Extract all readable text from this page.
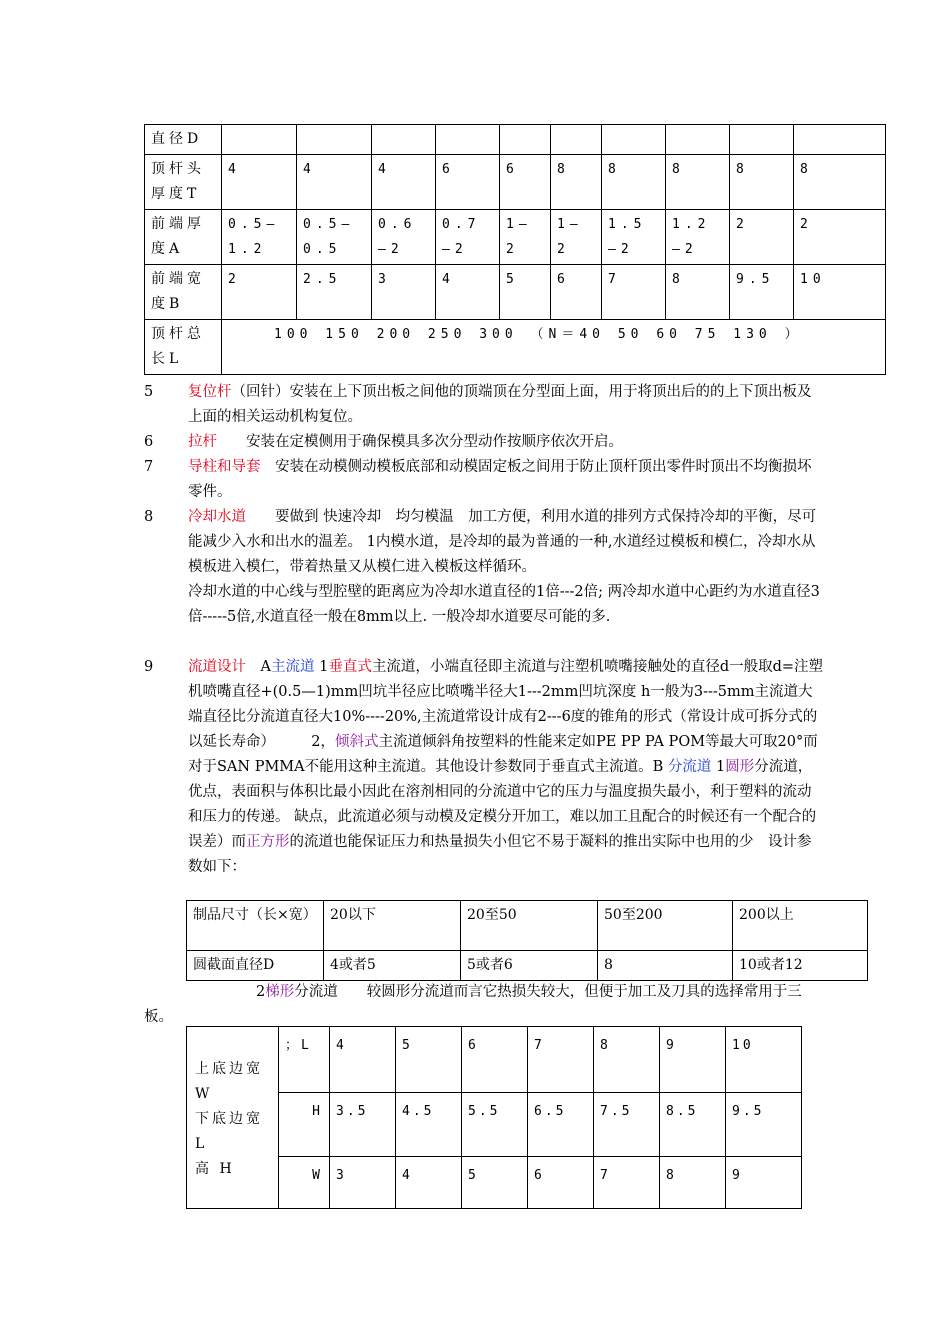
直径D										
顶杆头厚度T	4	4	4	6	6	8	8	8	8	8
前端厚度A	0.5—1.2	0.5—0.5	0.6—2	0.7—2	1—2	1—2	1.5—2	1.2—2	2	2
前端宽度B	2	2.5	3	4	5	6	7	8	9.5	10
顶杆总长L	100 150 200 250 300 （N＝40 50 60 75 130 ）									
5 复位杆（回针）安装在上下顶出板之间他的顶端顶在分型面上面，用于将顶出后的的上下顶出板及上面的相关运动机构复位。
6 拉杆　　安装在定模侧用于确保模具多次分型动作按顺序依次开启。
7 导柱和导套　安装在动模侧动模板底部和动模固定板之间用于防止顶杆顶出零件时顶出不均衡损坏零件。
8 冷却水道　　要做到 快速冷却　均匀模温　加工方便，利用水道的排列方式保持冷却的平衡，尽可能减少入水和出水的温差。 1内模水道，是冷却的最为普通的一种,水道经过模板和模仁，冷却水从模板进入模仁，带着热量又从模仁进入模板这样循环。
冷却水道的中心线与型腔壁的距离应为冷却水道直径的1倍---2倍; 两冷却水道中心距约为水道直径3倍-----5倍,水道直径一般在8mm以上. 一般冷却水道要尽可能的多.
9 流道设计　A主流道 1垂直式主流道，小端直径即主流道与注塑机喷嘴接触处的直径d一般取d=注塑机喷嘴直径+(0.5—1)mm凹坑半径应比喷嘴半径大1---2mm凹坑深度 h一般为3---5mm主流道大端直径比分流道直径大10%----20%,主流道常设计成有2---6度的锥角的形式（常设计成可拆分式的以延长寿命）　　　2，倾斜式主流道倾斜角按塑料的性能来定如PE PP PA POM等最大可取20°而对于SAN PMMA不能用这种主流道。其他设计参数同于垂直式主流道。B 分流道 1圆形分流道，优点，表面积与体积比最小因此在溶剂相同的分流道中它的压力与温度损失最小，利于塑料的流动和压力的传递。 缺点，此流道必须与动模及定模分开加工，难以加工且配合的时候还有一个配合的误差）而正方形的流道也能保证压力和热量损失小但它不易于凝料的推出实际中也用的少　设计参数如下：
制品尺寸（长×宽）	20以下	20至50	50至200	200以上
圆截面直径D	4或者5	5或者6	8	10或者12
2梯形分流道　　较圆形分流道而言它热损失较大，但便于加工及刀具的选择常用于三板。
上底边宽W
下底边宽L
高 H	；L	4	5	6	7	8	9	10
	H	3.5	4.5	5.5	6.5	7.5	8.5	9.5
	W	3	4	5	6	7	8	9
